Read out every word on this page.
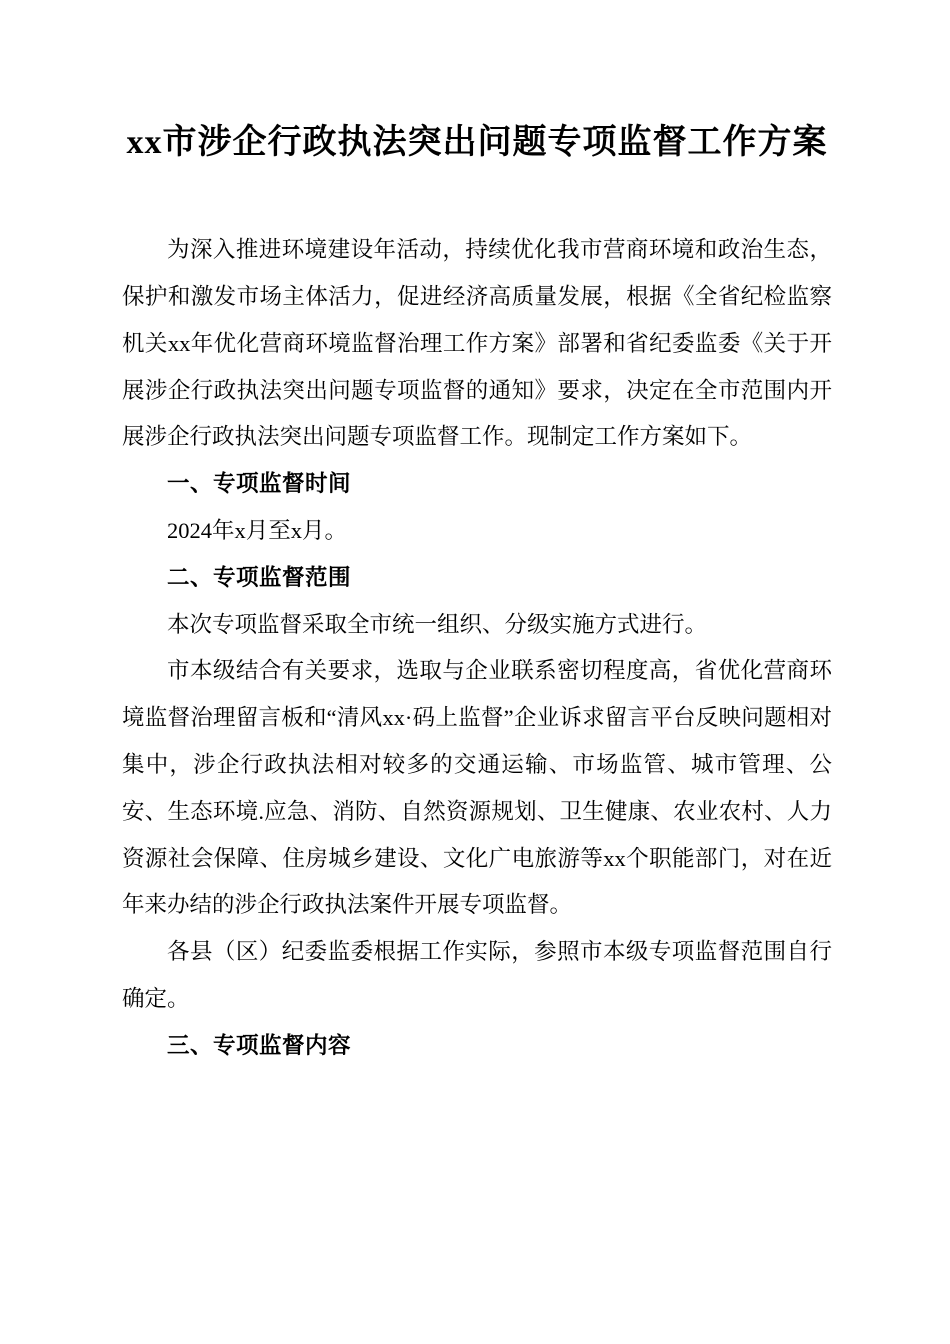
xx市涉企行政执法突出问题专项监督工作方案

为深入推进环境建设年活动，持续优化我市营商环境和政治生态，保护和激发市场主体活力，促进经济高质量发展，根据《全省纪检监察机关xx年优化营商环境监督治理工作方案》部署和省纪委监委《关于开展涉企行政执法突出问题专项监督的通知》要求，决定在全市范围内开展涉企行政执法突出问题专项监督工作。现制定工作方案如下。

一、专项监督时间

2024年x月至x月。

二、专项监督范围

本次专项监督采取全市统一组织、分级实施方式进行。

市本级结合有关要求，选取与企业联系密切程度高，省优化营商环境监督治理留言板和“清风xx·码上监督”企业诉求留言平台反映问题相对集中，涉企行政执法相对较多的交通运输、市场监管、城市管理、公安、生态环境.应急、消防、自然资源规划、卫生健康、农业农村、人力资源社会保障、住房城乡建设、文化广电旅游等xx个职能部门，对在近年来办结的涉企行政执法案件开展专项监督。

各县（区）纪委监委根据工作实际，参照市本级专项监督范围自行确定。

三、专项监督内容
